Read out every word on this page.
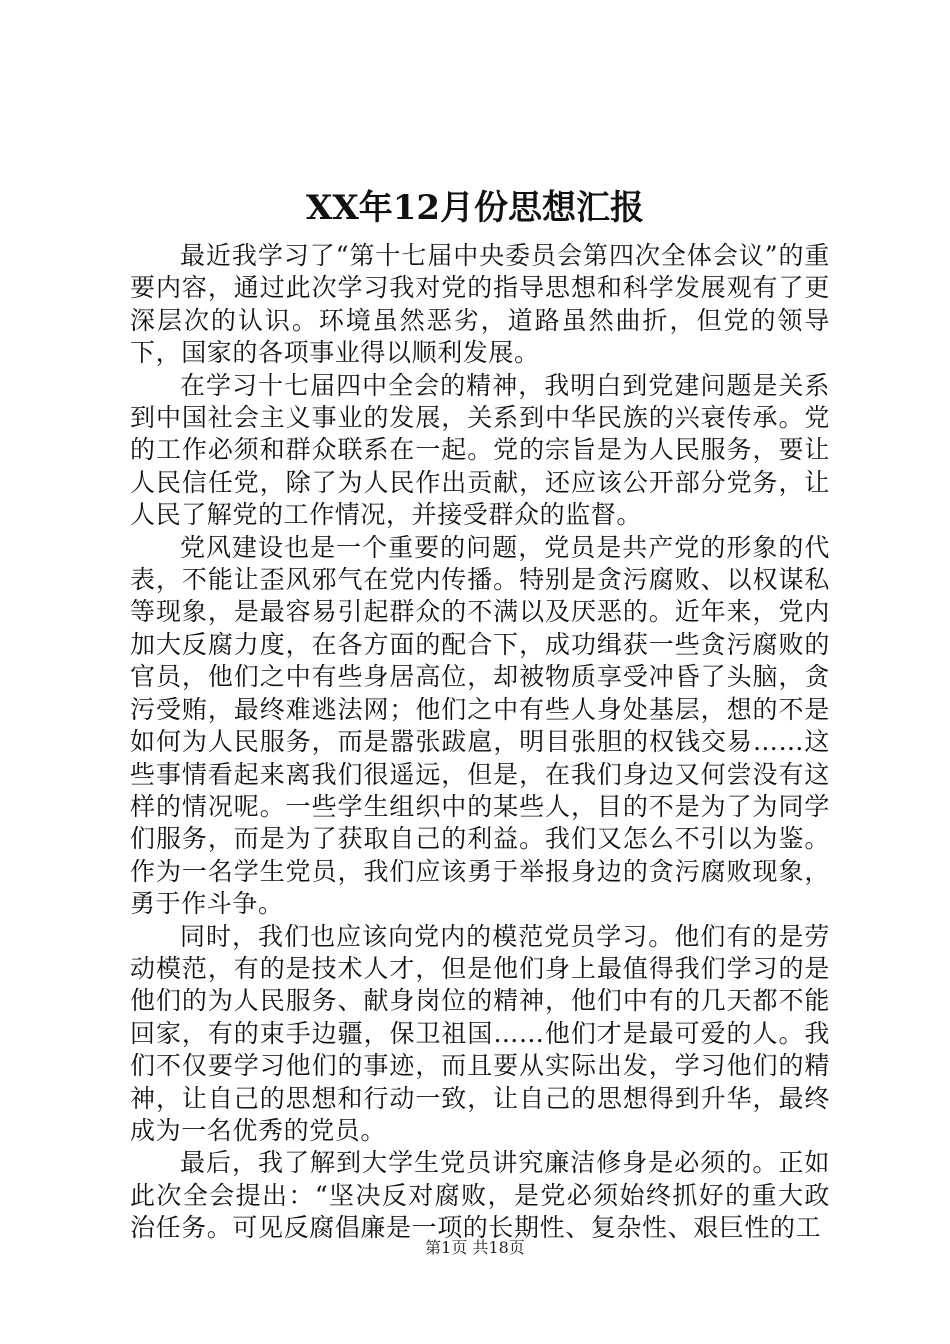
XX年12月份思想汇报

最近我学习了“第十七届中央委员会第四次全体会议”的重要内容，通过此次学习我对党的指导思想和科学发展观有了更深层次的认识。环境虽然恶劣，道路虽然曲折，但党的领导下，国家的各项事业得以顺利发展。

在学习十七届四中全会的精神，我明白到党建问题是关系到中国社会主义事业的发展，关系到中华民族的兴衰传承。党的工作必须和群众联系在一起。党的宗旨是为人民服务，要让人民信任党，除了为人民作出贡献，还应该公开部分党务，让人民了解党的工作情况，并接受群众的监督。

党风建设也是一个重要的问题，党员是共产党的形象的代表，不能让歪风邪气在党内传播。特别是贪污腐败、以权谋私等现象，是最容易引起群众的不满以及厌恶的。近年来，党内加大反腐力度，在各方面的配合下，成功缉获一些贪污腐败的官员，他们之中有些身居高位，却被物质享受冲昏了头脑，贪污受贿，最终难逃法网；他们之中有些人身处基层，想的不是如何为人民服务，而是嚣张跋扈，明目张胆的权钱交易……这些事情看起来离我们很遥远，但是，在我们身边又何尝没有这样的情况呢。一些学生组织中的某些人，目的不是为了为同学们服务，而是为了获取自己的利益。我们又怎么不引以为鉴。作为一名学生党员，我们应该勇于举报身边的贪污腐败现象，勇于作斗争。

同时，我们也应该向党内的模范党员学习。他们有的是劳动模范，有的是技术人才，但是他们身上最值得我们学习的是他们的为人民服务、献身岗位的精神，他们中有的几天都不能回家，有的束手边疆，保卫祖国……他们才是最可爱的人。我们不仅要学习他们的事迹，而且要从实际出发，学习他们的精神，让自己的思想和行动一致，让自己的思想得到升华，最终成为一名优秀的党员。

最后，我了解到大学生党员讲究廉洁修身是必须的。正如此次全会提出：“坚决反对腐败，是党必须始终抓好的重大政治任务。可见反腐倡廉是一项的长期性、复杂性、艰巨性的工

第1页 共18页
